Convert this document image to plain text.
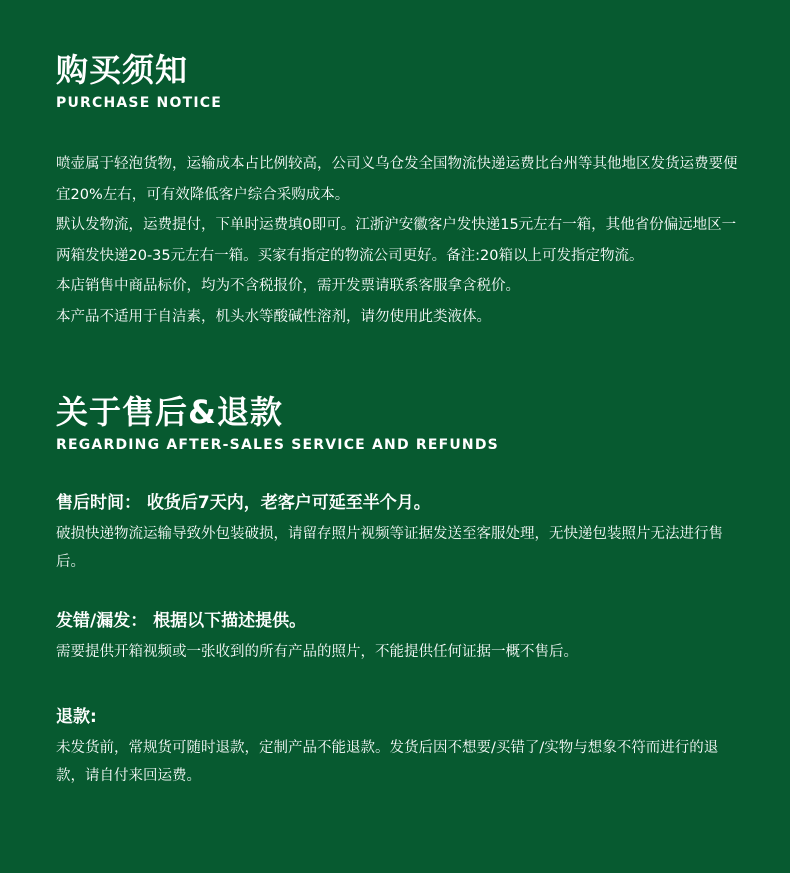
购买须知
PURCHASE NOTICE

喷壶属于轻泡货物，运输成本占比例较高，公司义乌仓发全国物流快递运费比台州等其他地区发货运费要便宜20%左右，可有效降低客户综合采购成本。

默认发物流，运费提付，下单时运费填0即可。江浙沪安徽客户发快递15元左右一箱，其他省份偏远地区一两箱发快递20-35元左右一箱。买家有指定的物流公司更好。备注:20箱以上可发指定物流。

本店销售中商品标价，均为不含税报价，需开发票请联系客服拿含税价。

本产品不适用于自洁素，机头水等酸碱性溶剂，请勿使用此类液体。

关于售后&退款
REGARDING AFTER-SALES SERVICE AND REFUNDS
售后时间： 收货后7天内，老客户可延至半个月。

破损快递物流运输导致外包装破损，请留存照片视频等证据发送至客服处理，无快递包装照片无法进行售后。

发错/漏发： 根据以下描述提供。

需要提供开箱视频或一张收到的所有产品的照片，不能提供任何证据一概不售后。

退款:

未发货前，常规货可随时退款，定制产品不能退款。发货后因不想要/买错了/实物与想象不符而进行的退款，请自付来回运费。
